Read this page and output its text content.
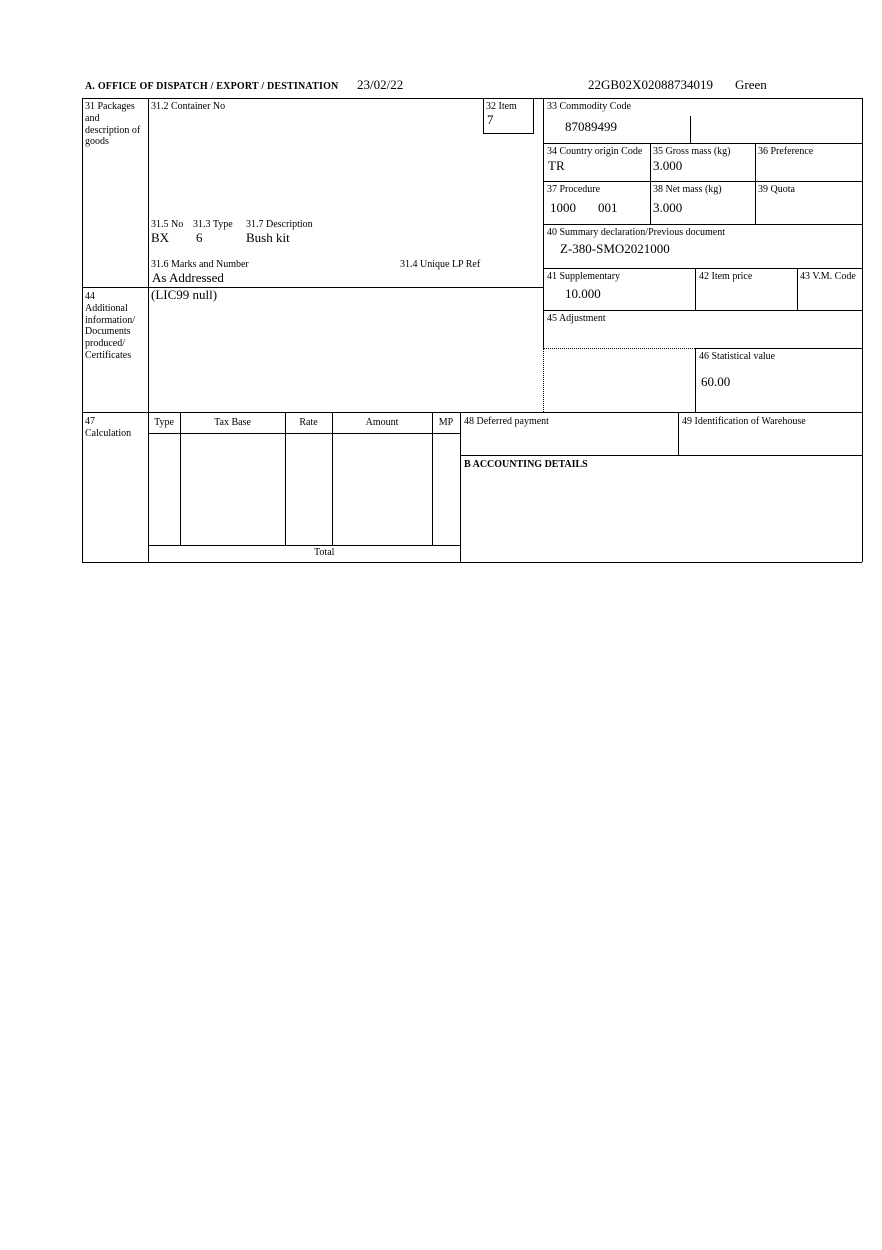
A. OFFICE OF DISPATCH / EXPORT / DESTINATION 23/02/22	22GB02X02088734019 Green
31 Packages and description of goods
31.2 Container No
31.5 No 31.3 Type 31.7 Description
BX 6	Bush kit
31.6 Marks and Number	31.4 Unique LP Ref
As Addressed
32 Item
7
33 Commodity Code
87089499
34 Country origin Code
TR
35 Gross mass (kg)
3.000
36 Preference
37 Procedure
1000 001
38 Net mass (kg)
3.000
39 Quota
40 Summary declaration/Previous document
Z-380-SMO2021000
41 Supplementary
10.000
42 Item price	43 V.M. Code
44
Additional information/ Documents produced/ Certificates
(LIC99 null)
45 Adjustment
46 Statistical value
60.00
47
Calculation
Type	Tax Base	Rate	Amount	MP
Total
48 Deferred payment	49 Identification of Warehouse
B ACCOUNTING DETAILS
